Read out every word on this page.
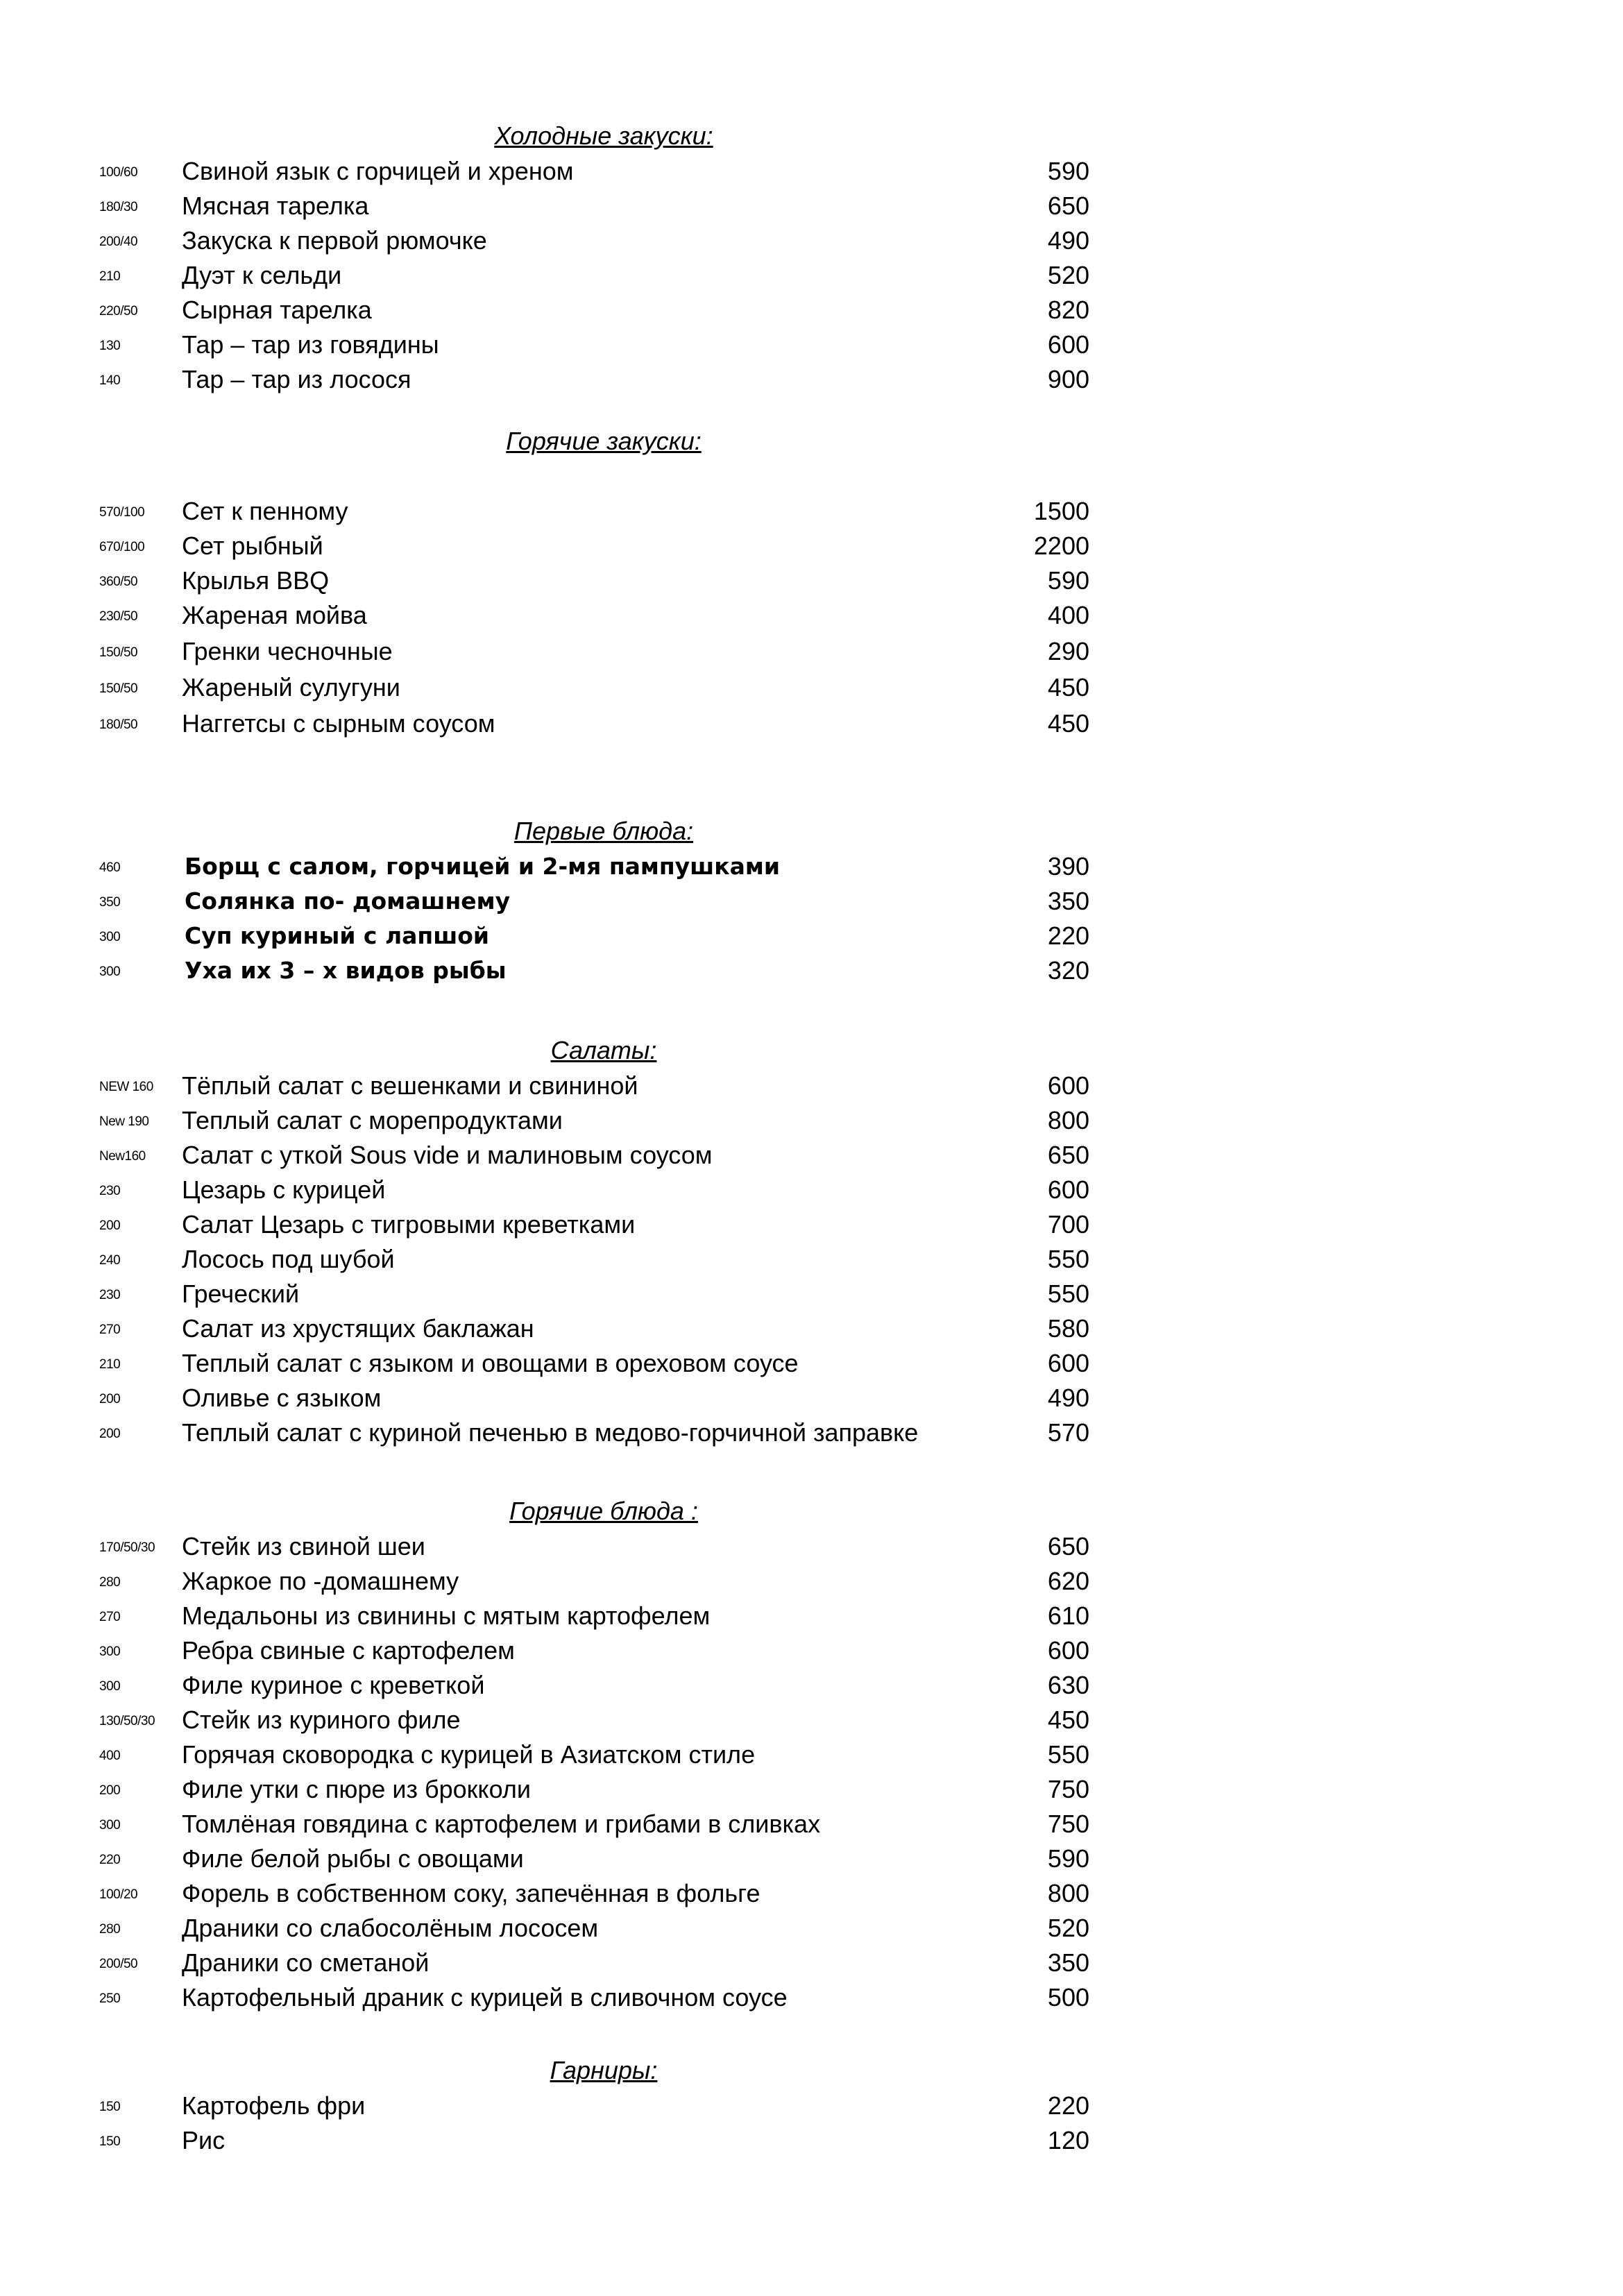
Холодные закуски:
100/60 Свиной язык с горчицей и хреном	590
180/30 Мясная тарелка	650
200/40 Закуска к первой рюмочке	490
210 Дуэт к сельди	520
220/50 Сырная тарелка	820
130 Тар – тар из говядины	600
140 Тар – тар из лосося	900
Горячие закуски:
570/100 Сет к пенному	1500
670/100 Сет рыбный	2200
360/50 Крылья BBQ	590
230/50 Жареная мойва	400
150/50 Гренки чесночные	290
150/50 Жареный сулугуни	450
180/50 Наггетсы с сырным соусом	450
Первые блюда:
460	Борщ с салом, горчицей и 2-мя пампушками	390
350	Солянка по- домашнему	350
300	Суп куриный с лапшой	220
300	Уха их 3 – х видов рыбы	320
Салаты:
NEW 160 Тёплый салат с вешенками и свининой	600
New 190 Теплый салат с морепродуктами	800
New160 Салат с уткой Sous vide и малиновым соусом	650
230 Цезарь с курицей	600
200 Салат Цезарь с тигровыми креветками	700
240 Лосось под шубой	550
230 Греческий	550
270 Салат из хрустящих баклажан	580
210 Теплый салат с языком и овощами в ореховом соусе	600
200 Оливье с языком	490
200 Теплый салат с куриной печенью в медово-горчичной заправке	570
Горячие блюда :
170/50/30 Стейк из свиной шеи	650
280 Жаркое по -домашнему	620
270 Медальоны из свинины с мятым картофелем	610
300 Ребра свиные с картофелем	600
300 Филе куриное с креветкой	630
130/50/30 Стейк из куриного филе	450
400 Горячая сковородка с курицей в Азиатском стиле	550
200 Филе утки с пюре из брокколи	750
300 Томлёная говядина с картофелем и грибами в сливках	750
220 Филе белой рыбы с овощами	590
100/20 Форель в собственном соку, запечённая в фольге	800
280 Драники со слабосолёным лососем	520
200/50 Драники со сметаной	350
250 Картофельный драник с курицей в сливочном соусе	500
Гарниры:
150 Картофель фри	220
150 Рис	120
